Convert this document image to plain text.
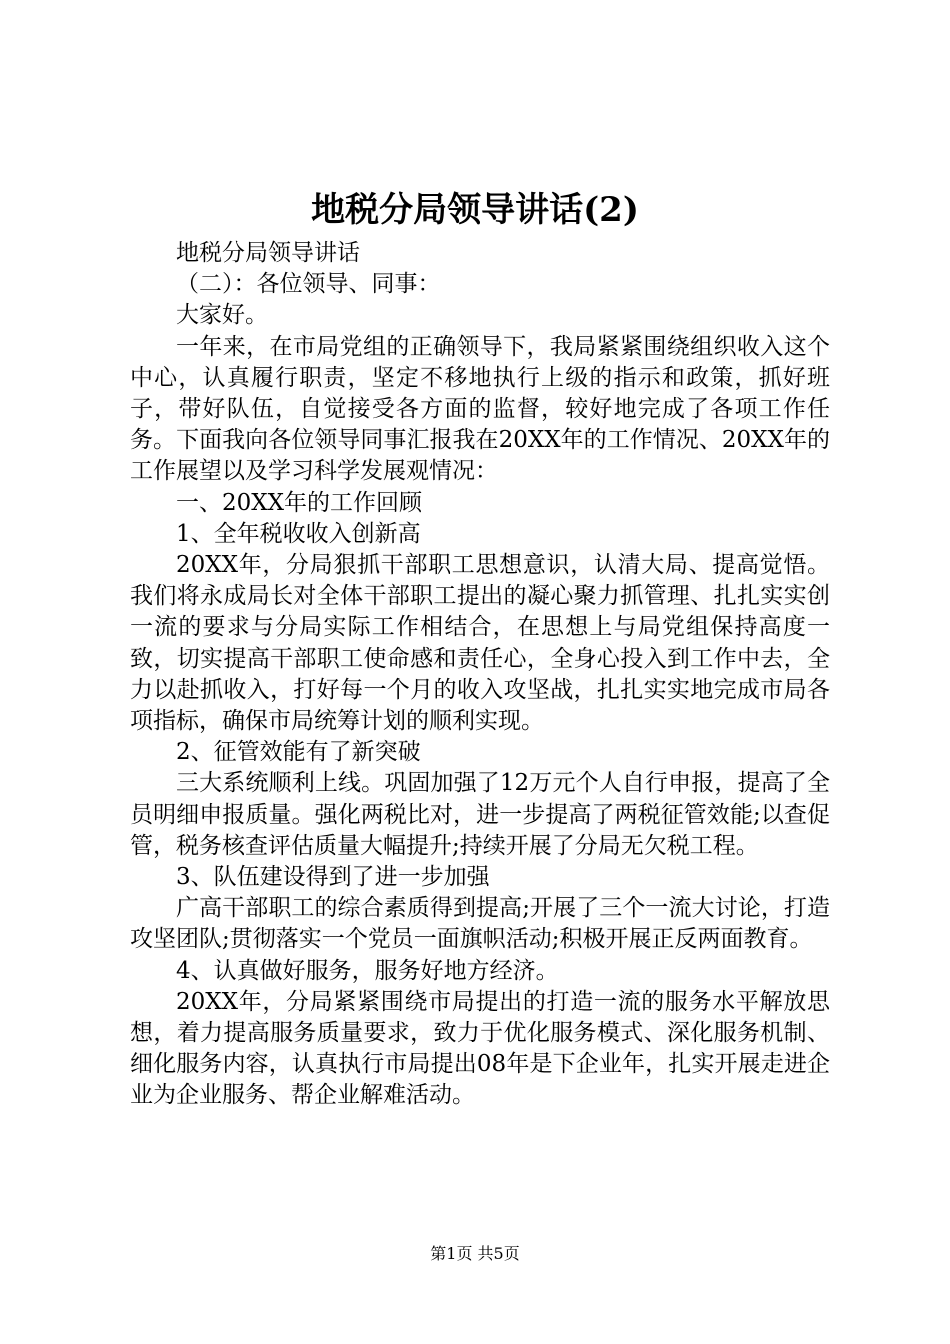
地税分局领导讲话(2)

地税分局领导讲话

（二）：各位领导、同事：

大家好。

一年来，在市局党组的正确领导下，我局紧紧围绕组织收入这个中心，认真履行职责，坚定不移地执行上级的指示和政策，抓好班子，带好队伍，自觉接受各方面的监督，较好地完成了各项工作任务。下面我向各位领导同事汇报我在20XX年的工作情况、20XX年的工作展望以及学习科学发展观情况：

一、20XX年的工作回顾

1、全年税收收入创新高

20XX年，分局狠抓干部职工思想意识，认清大局、提高觉悟。我们将永成局长对全体干部职工提出的凝心聚力抓管理、扎扎实实创一流的要求与分局实际工作相结合，在思想上与局党组保持高度一致，切实提高干部职工使命感和责任心，全身心投入到工作中去，全力以赴抓收入，打好每一个月的收入攻坚战，扎扎实实地完成市局各项指标，确保市局统筹计划的顺利实现。

2、征管效能有了新突破

三大系统顺利上线。巩固加强了12万元个人自行申报，提高了全员明细申报质量。强化两税比对，进一步提高了两税征管效能;以查促管，税务核查评估质量大幅提升;持续开展了分局无欠税工程。

3、队伍建设得到了进一步加强

广高干部职工的综合素质得到提高;开展了三个一流大讨论，打造攻坚团队;贯彻落实一个党员一面旗帜活动;积极开展正反两面教育。

4、认真做好服务，服务好地方经济。

20XX年，分局紧紧围绕市局提出的打造一流的服务水平解放思想，着力提高服务质量要求，致力于优化服务模式、深化服务机制、细化服务内容，认真执行市局提出08年是下企业年，扎实开展走进企业为企业服务、帮企业解难活动。

第1页 共5页
